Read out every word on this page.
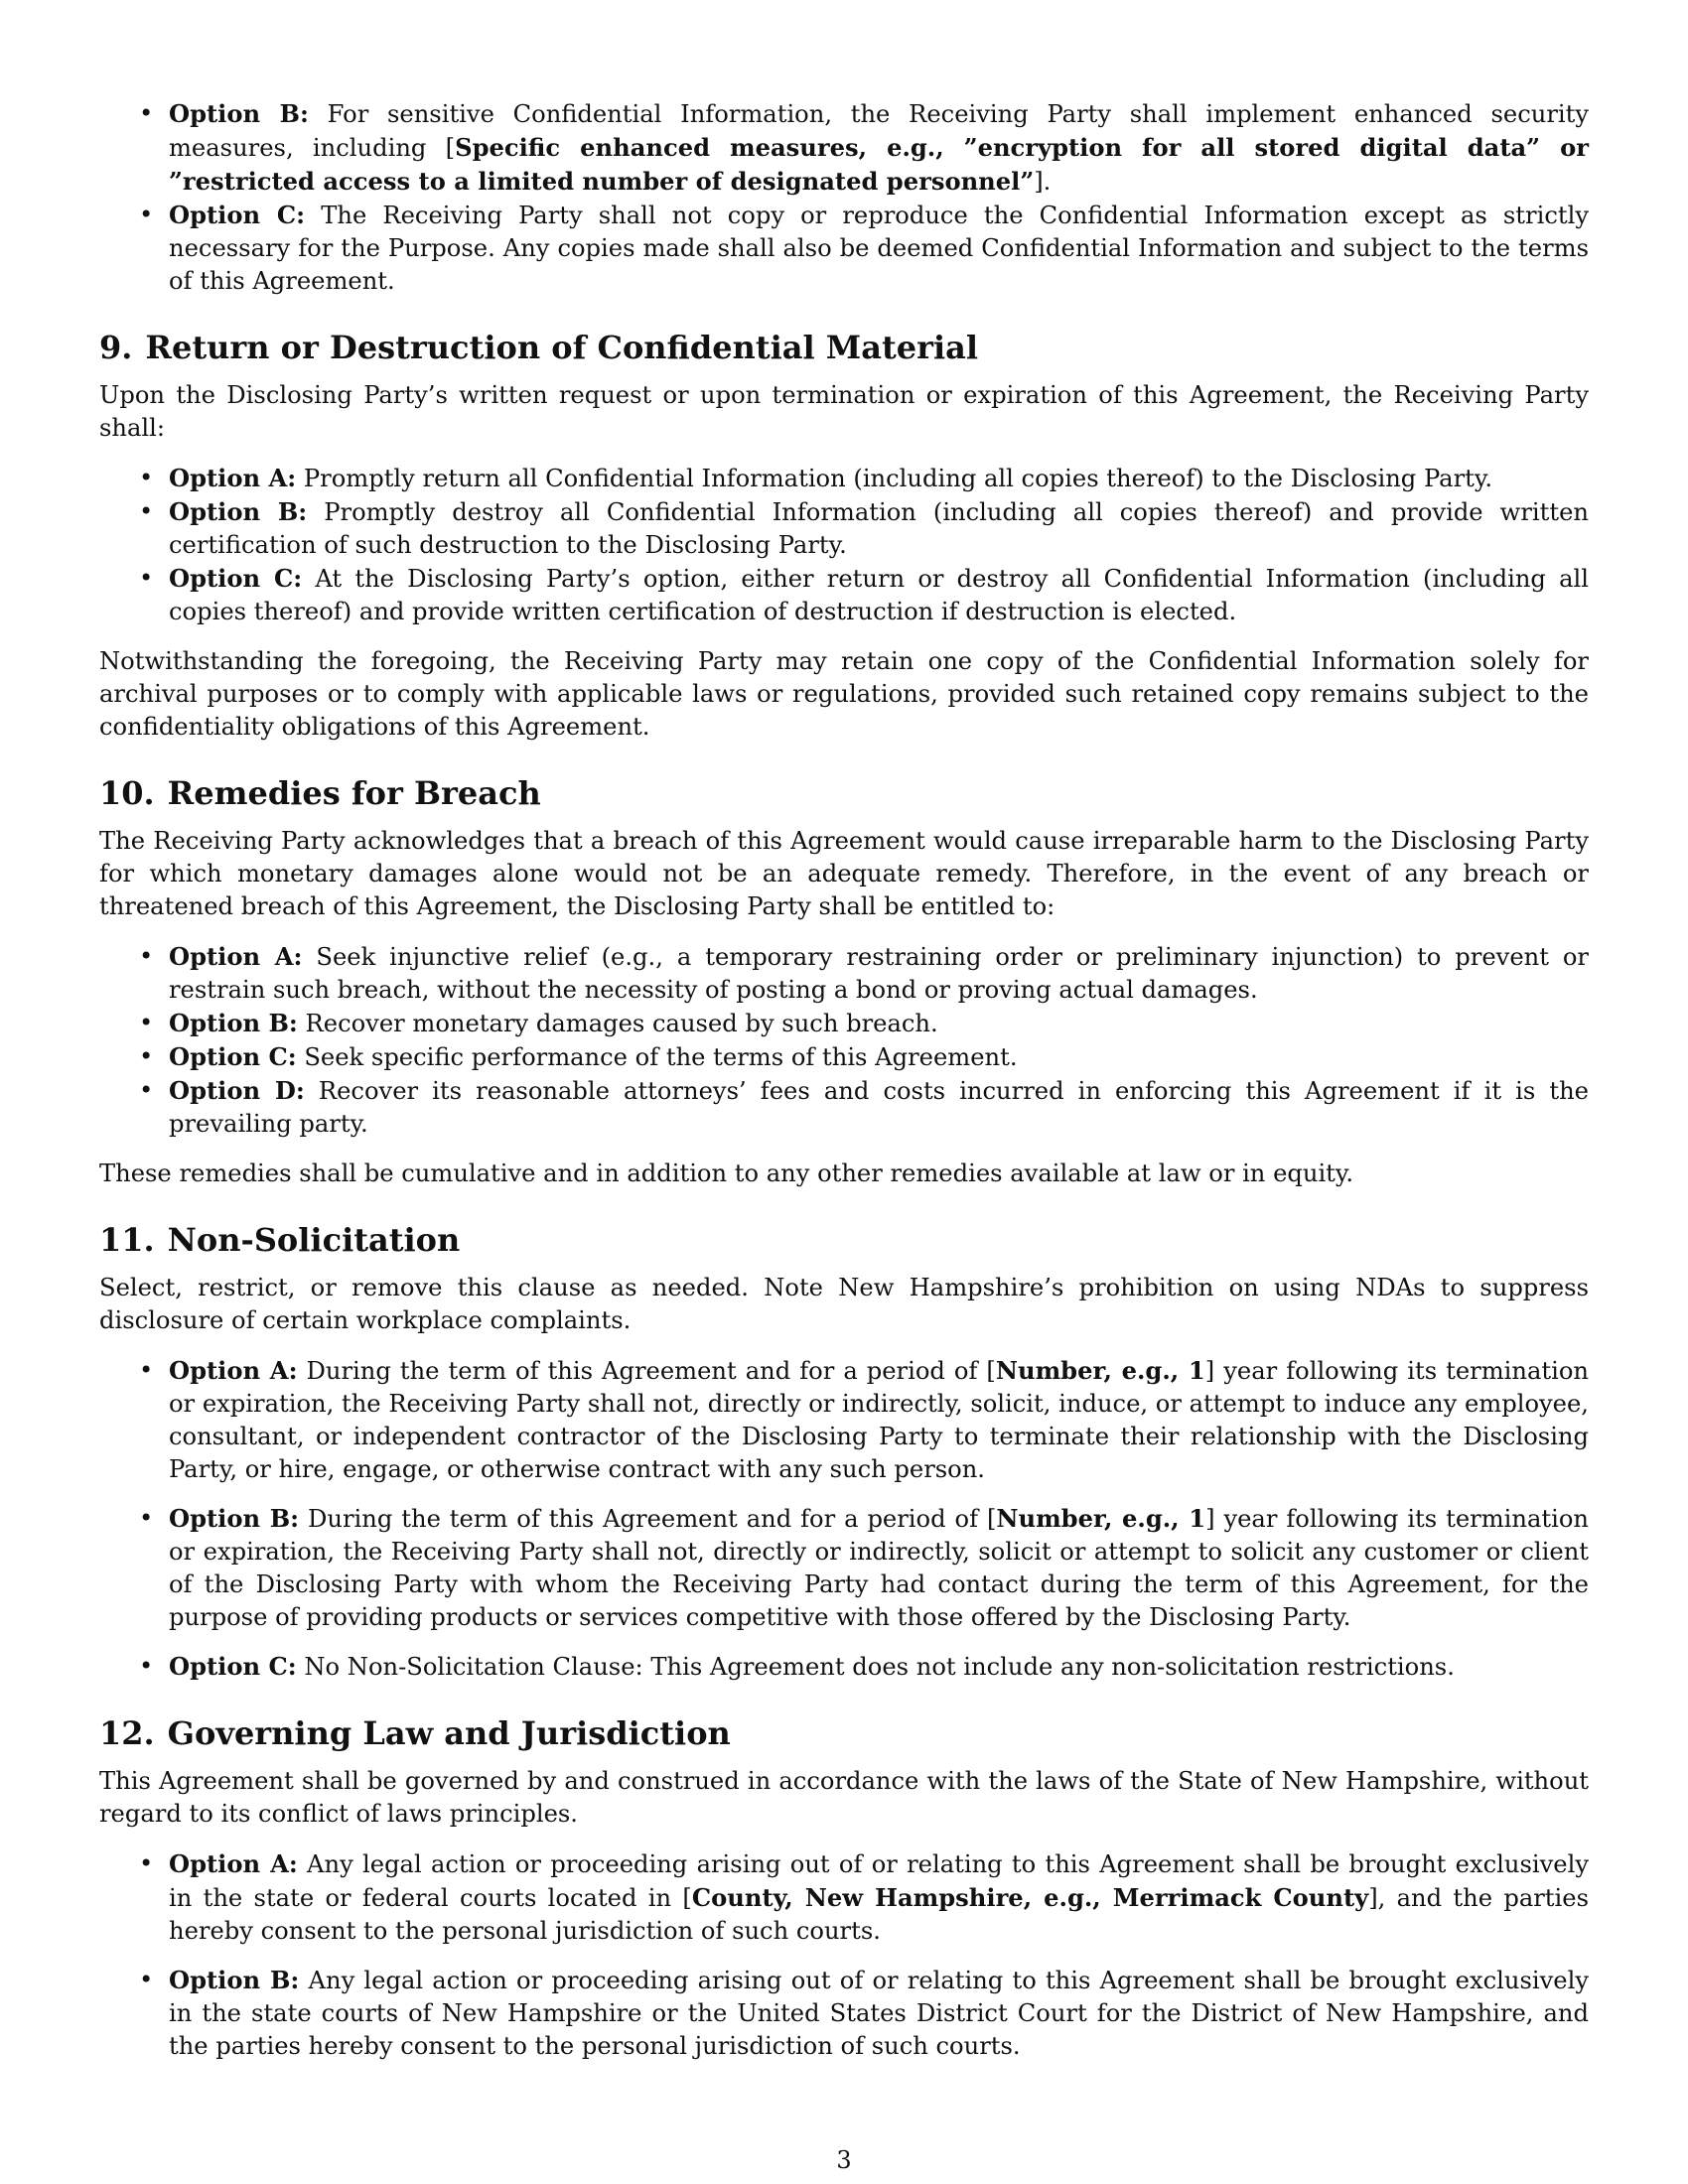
• Option B: For sensitive Confidential Information, the Receiving Party shall implement enhanced security measures, including [Specific enhanced measures, e.g., ”encryption for all stored digital data” or ”restricted access to a limited number of designated personnel”].
• Option C: The Receiving Party shall not copy or reproduce the Confidential Information except as strictly necessary for the Purpose. Any copies made shall also be deemed Confidential Information and subject to the terms of this Agreement.
9. Return or Destruction of Confidential Material

Upon the Disclosing Party’s written request or upon termination or expiration of this Agreement, the Receiving Party shall:

• Option A: Promptly return all Confidential Information (including all copies thereof) to the Disclosing Party.
• Option B: Promptly destroy all Confidential Information (including all copies thereof) and provide written certification of such destruction to the Disclosing Party.
• Option C: At the Disclosing Party’s option, either return or destroy all Confidential Information (including all copies thereof) and provide written certification of destruction if destruction is elected.

Notwithstanding the foregoing, the Receiving Party may retain one copy of the Confidential Information solely for archival purposes or to comply with applicable laws or regulations, provided such retained copy remains subject to the confidentiality obligations of this Agreement.

10. Remedies for Breach

The Receiving Party acknowledges that a breach of this Agreement would cause irreparable harm to the Disclosing Party for which monetary damages alone would not be an adequate remedy. Therefore, in the event of any breach or threatened breach of this Agreement, the Disclosing Party shall be entitled to:

• Option A: Seek injunctive relief (e.g., a temporary restraining order or preliminary injunction) to prevent or restrain such breach, without the necessity of posting a bond or proving actual damages.
• Option B: Recover monetary damages caused by such breach.
• Option C: Seek specific performance of the terms of this Agreement.
• Option D: Recover its reasonable attorneys’ fees and costs incurred in enforcing this Agreement if it is the prevailing party.

These remedies shall be cumulative and in addition to any other remedies available at law or in equity.

11. Non-Solicitation

Select, restrict, or remove this clause as needed. Note New Hampshire’s prohibition on using NDAs to suppress disclosure of certain workplace complaints.

• Option A: During the term of this Agreement and for a period of [Number, e.g., 1] year following its termination or expiration, the Receiving Party shall not, directly or indirectly, solicit, induce, or attempt to induce any employee, consultant, or independent contractor of the Disclosing Party to terminate their relationship with the Disclosing Party, or hire, engage, or otherwise contract with any such person.
• Option B: During the term of this Agreement and for a period of [Number, e.g., 1] year following its termination or expiration, the Receiving Party shall not, directly or indirectly, solicit or attempt to solicit any customer or client of the Disclosing Party with whom the Receiving Party had contact during the term of this Agreement, for the purpose of providing products or services competitive with those offered by the Disclosing Party.
• Option C: No Non-Solicitation Clause: This Agreement does not include any non-solicitation restrictions.
12. Governing Law and Jurisdiction

This Agreement shall be governed by and construed in accordance with the laws of the State of New Hampshire, without regard to its conflict of laws principles.

• Option A: Any legal action or proceeding arising out of or relating to this Agreement shall be brought exclusively in the state or federal courts located in [County, New Hampshire, e.g., Merrimack County], and the parties hereby consent to the personal jurisdiction of such courts.
• Option B: Any legal action or proceeding arising out of or relating to this Agreement shall be brought exclusively in the state courts of New Hampshire or the United States District Court for the District of New Hampshire, and the parties hereby consent to the personal jurisdiction of such courts.
3
